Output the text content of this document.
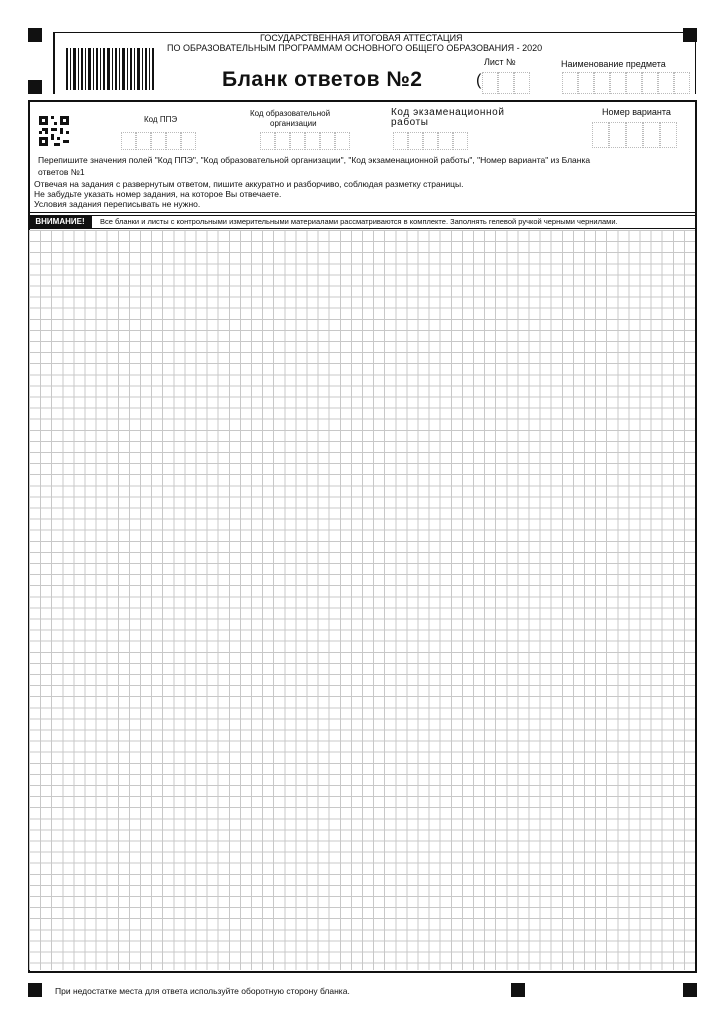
ГОСУДАРСТВЕННАЯ ИТОГОВАЯ АТТЕСТАЦИЯ
ПО ОБРАЗОВАТЕЛЬНЫМ ПРОГРАММАМ ОСНОВНОГО ОБЩЕГО ОБРАЗОВАНИЯ - 2020
Бланк ответов №2	(
Лист №	Наименование предмета
Код ППЭ
Код образовательной
организации
Код экзаменационной
работы
Номер варианта
Перепишите значения полей "Код ППЭ", "Код образовательной организации", "Код экзаменационной работы", "Номер варианта" из Бланка
ответов №1
Отвечая на задания с развернутым ответом, пишите аккуратно и разборчиво, соблюдая разметку страницы.
Не забудьте указать номер задания, на которое Вы отвечаете.
Условия задания переписывать не нужно.
ВНИМАНИЕ!	Все бланки и листы с контрольными измерительными материалами рассматриваются в комплекте. Заполнять гелевой ручкой черными чернилами.
При недостатке места для ответа используйте оборотную сторону бланка.
